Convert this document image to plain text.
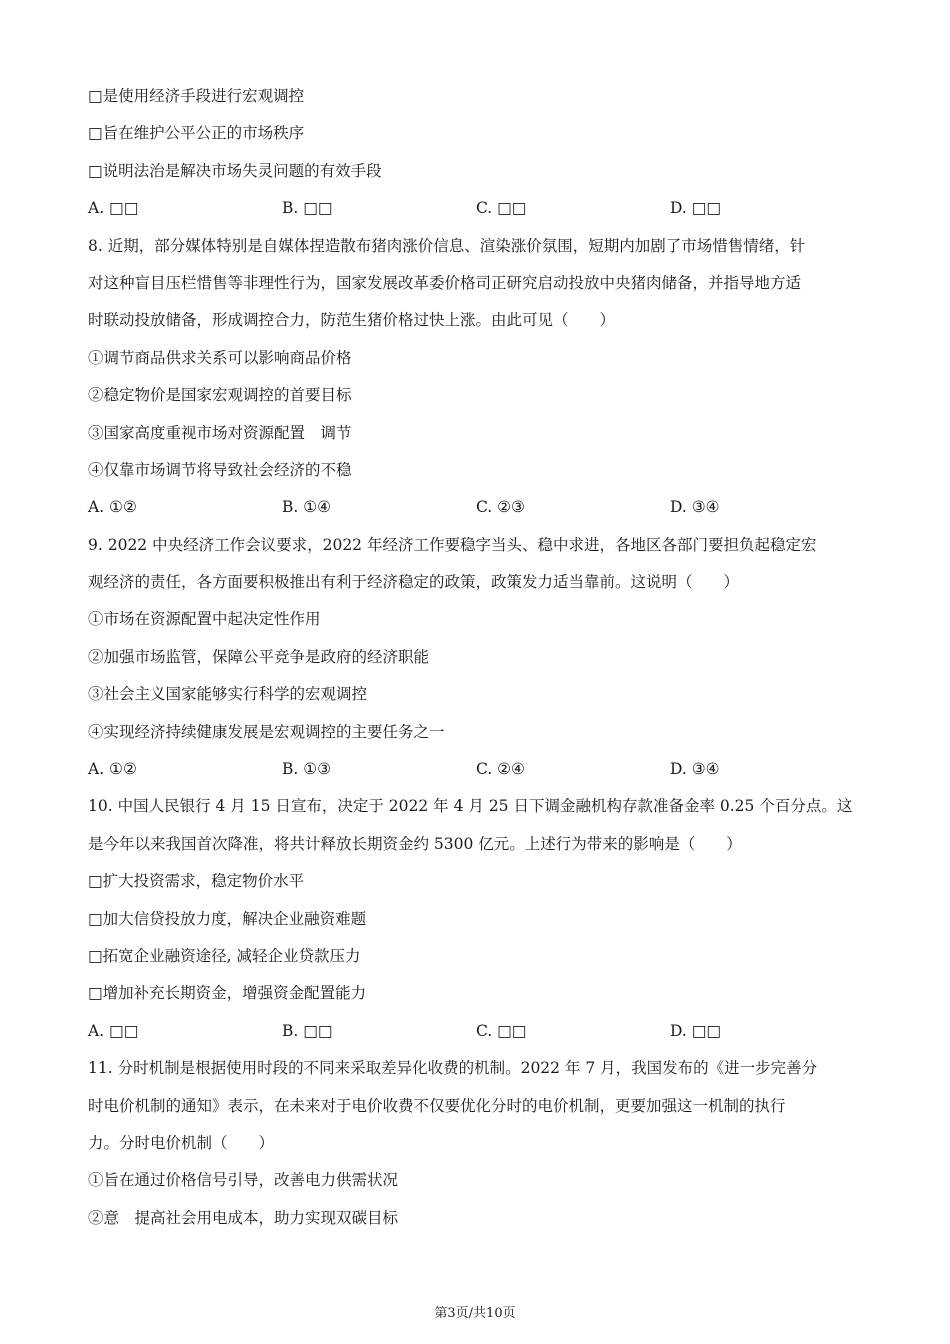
□是使用经济手段进行宏观调控
□旨在维护公平公正的市场秩序
□说明法治是解决市场失灵问题的有效手段
A. □□	B. □□	C. □□	D. □□
8. 近期，部分媒体特别是自媒体捏造散布猪肉涨价信息、渲染涨价氛围，短期内加剧了市场惜售情绪，针
对这种盲目压栏惜售等非理性行为，国家发展改革委价格司正研究启动投放中央猪肉储备，并指导地方适
时联动投放储备，形成调控合力，防范生猪价格过快上涨。由此可见（　　）
①调节商品供求关系可以影响商品价格
②稳定物价是国家宏观调控的首要目标
③国家高度重视市场对资源配置　调节
④仅靠市场调节将导致社会经济的不稳
A. ①②	B. ①④	C. ②③	D. ③④
9. 2022 中央经济工作会议要求，2022 年经济工作要稳字当头、稳中求进，各地区各部门要担负起稳定宏
观经济的责任，各方面要积极推出有利于经济稳定的政策，政策发力适当靠前。这说明（　　）
①市场在资源配置中起决定性作用
②加强市场监管，保障公平竞争是政府的经济职能
③社会主义国家能够实行科学的宏观调控
④实现经济持续健康发展是宏观调控的主要任务之一
A. ①②	B. ①③	C. ②④	D. ③④
10. 中国人民银行 4 月 15 日宣布，决定于 2022 年 4 月 25 日下调金融机构存款准备金率 0.25 个百分点。这
是今年以来我国首次降准，将共计释放长期资金约 5300 亿元。上述行为带来的影响是（　　）
□扩大投资需求，稳定物价水平
□加大信贷投放力度，解决企业融资难题
□拓宽企业融资途径, 减轻企业贷款压力
□增加补充长期资金，增强资金配置能力
A. □□	B. □□	C. □□	D. □□
11. 分时机制是根据使用时段的不同来采取差异化收费的机制。2022 年 7 月，我国发布的《进一步完善分
时电价机制的通知》表示，在未来对于电价收费不仅要优化分时的电价机制，更要加强这一机制的执行
力。分时电价机制（　　）
①旨在通过价格信号引导，改善电力供需状况
②意　提高社会用电成本，助力实现双碳目标
第3页/共10页
